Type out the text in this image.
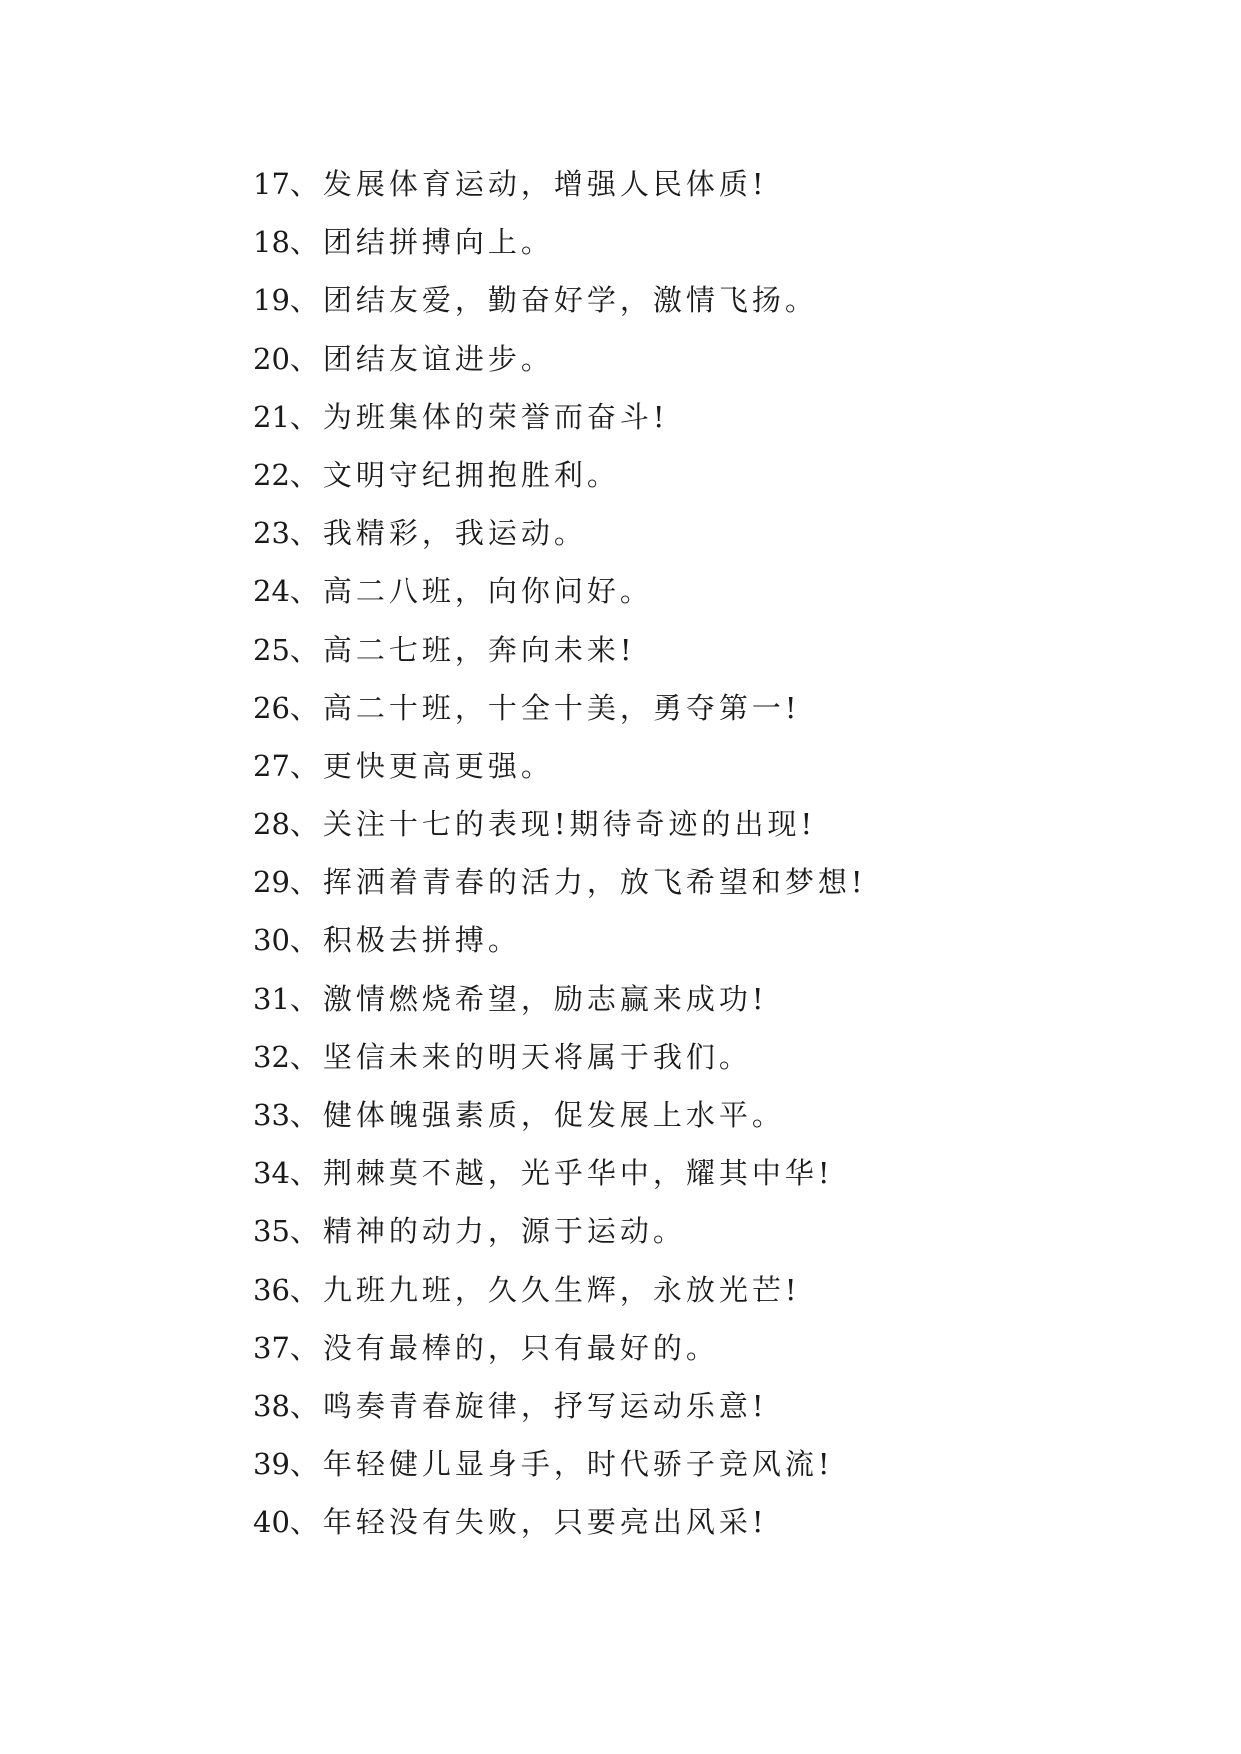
17、发展体育运动，增强人民体质!
18、团结拼搏向上。
19、团结友爱，勤奋好学，激情飞扬。
20、团结友谊进步。
21、为班集体的荣誉而奋斗!
22、文明守纪拥抱胜利。
23、我精彩，我运动。
24、高二八班，向你问好。
25、高二七班，奔向未来!
26、高二十班，十全十美，勇夺第一!
27、更快更高更强。
28、关注十七的表现!期待奇迹的出现!
29、挥洒着青春的活力，放飞希望和梦想!
30、积极去拼搏。
31、激情燃烧希望，励志赢来成功!
32、坚信未来的明天将属于我们。
33、健体魄强素质，促发展上水平。
34、荆棘莫不越，光乎华中，耀其中华!
35、精神的动力，源于运动。
36、九班九班，久久生辉，永放光芒!
37、没有最棒的，只有最好的。
38、鸣奏青春旋律，抒写运动乐意!
39、年轻健儿显身手，时代骄子竞风流!
40、年轻没有失败，只要亮出风采!
